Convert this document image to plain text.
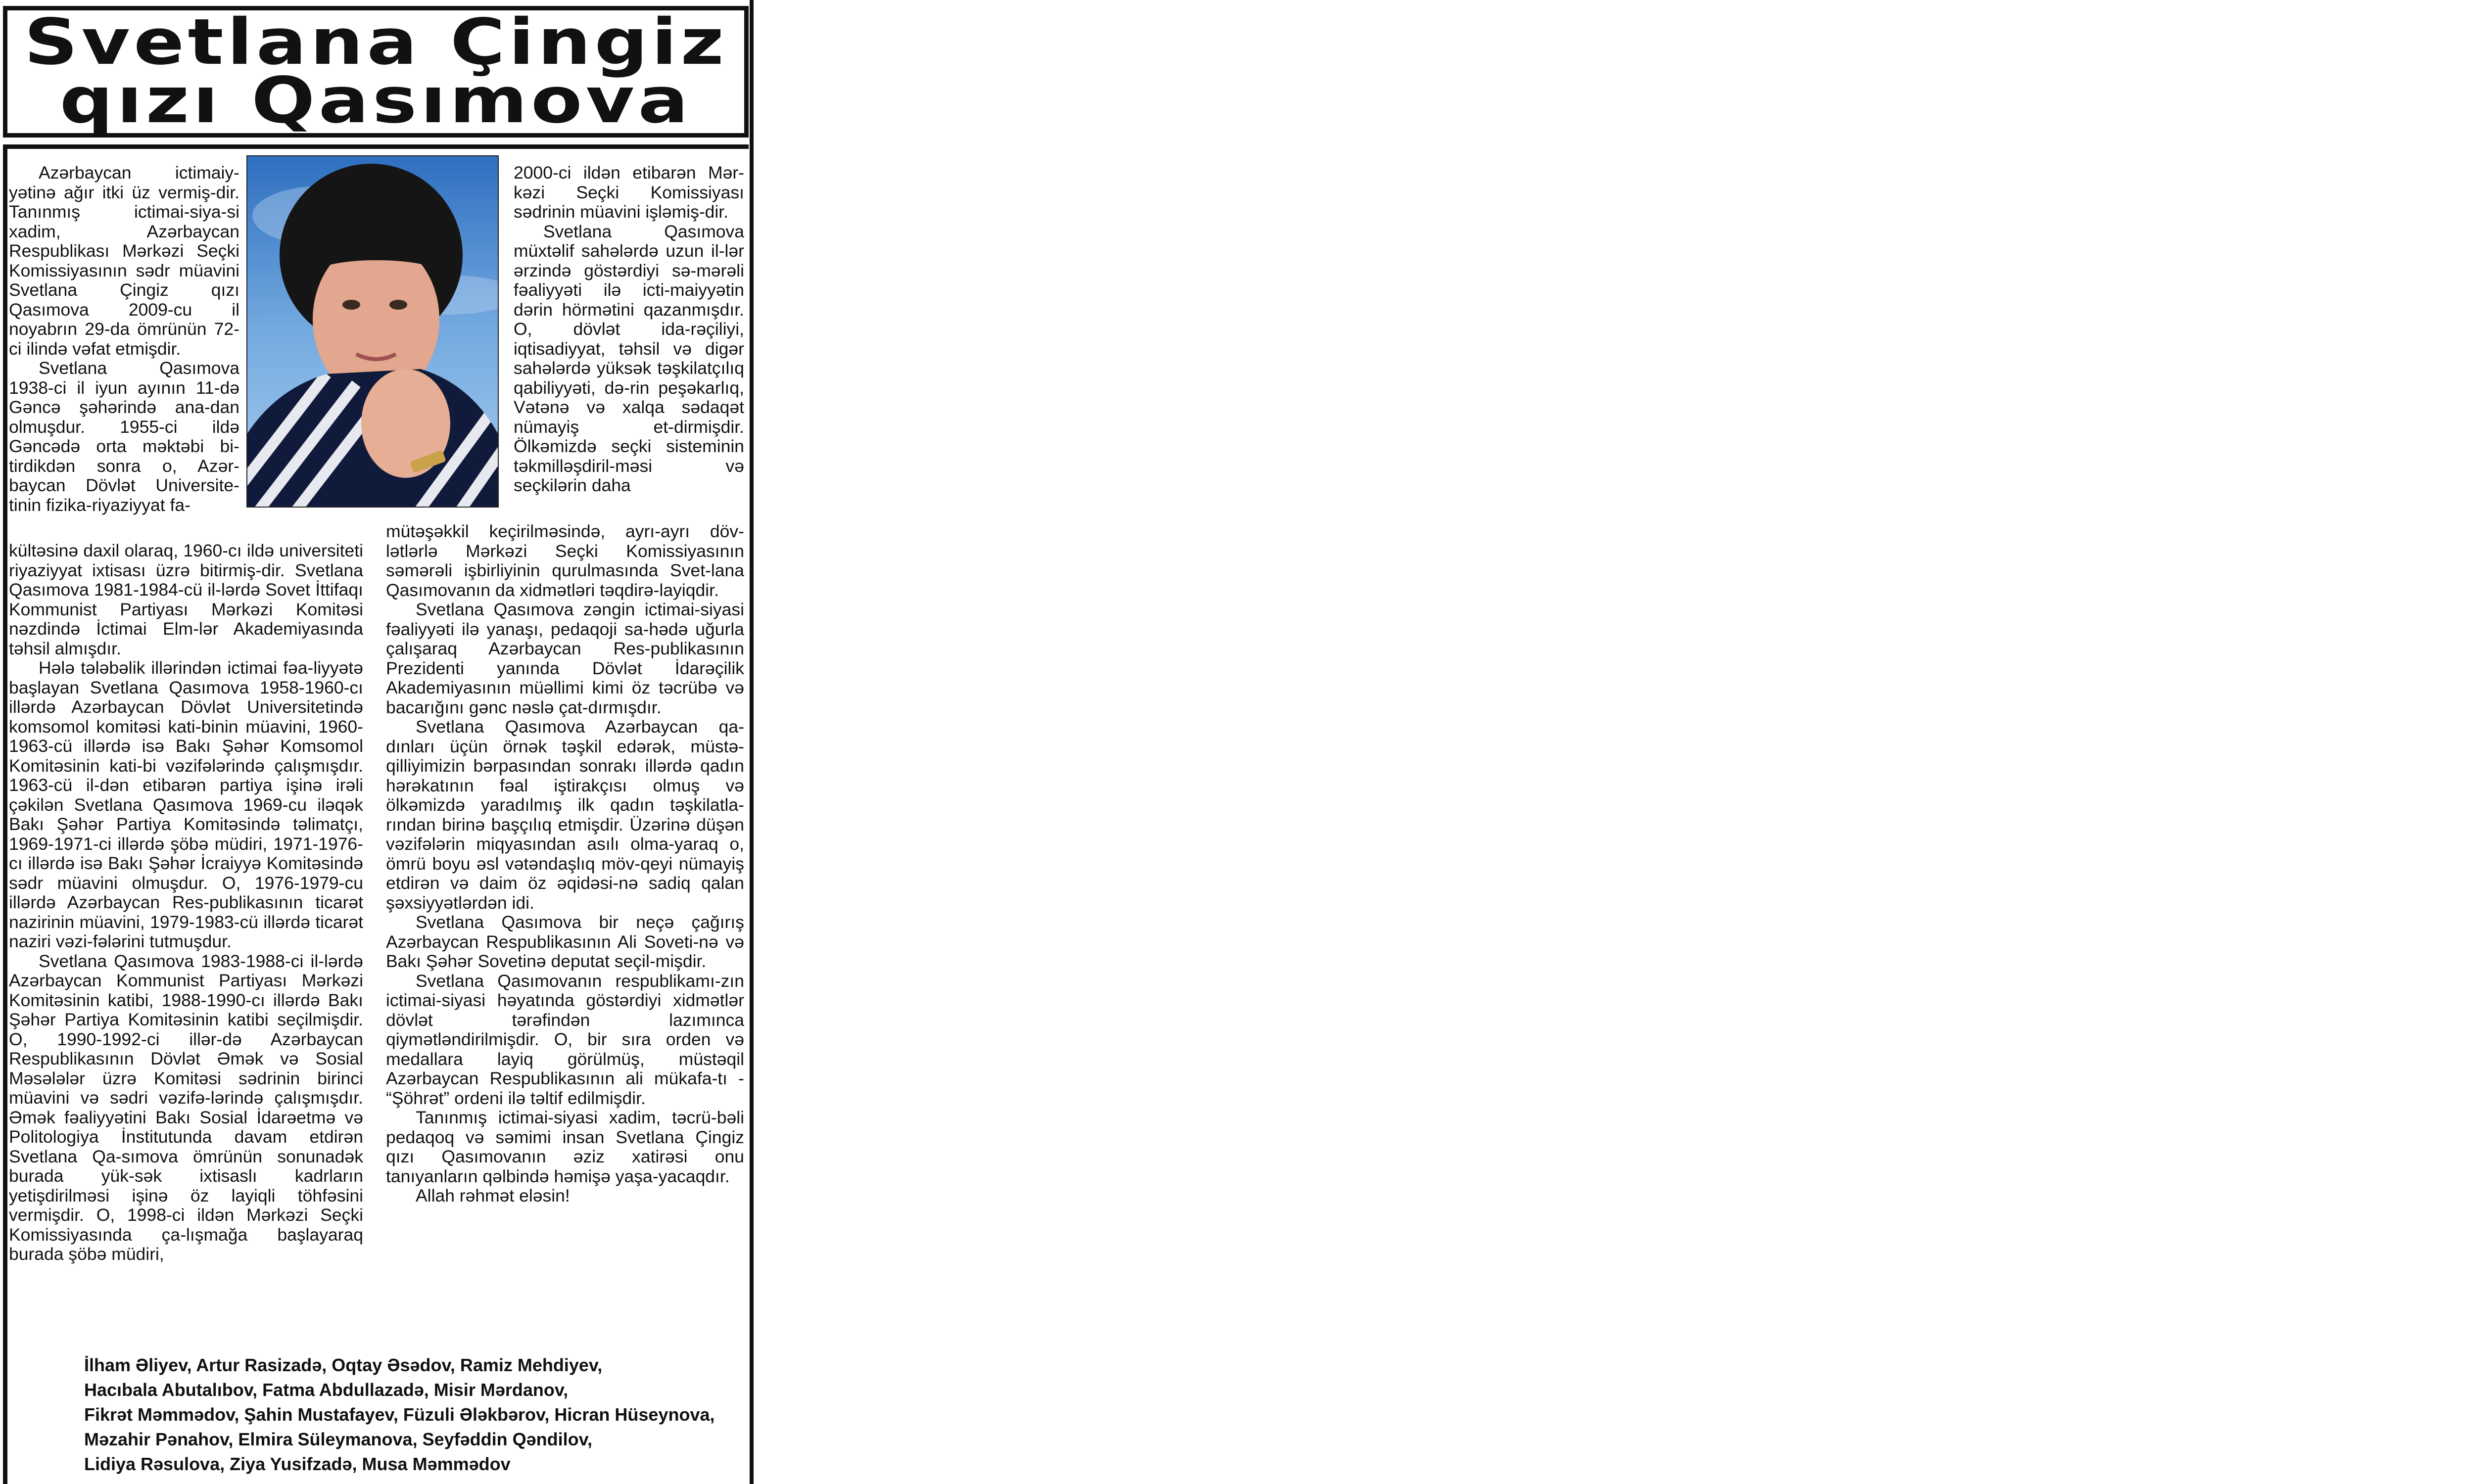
Svetlana Çingiz
qızı Qasımova

Azərbaycan ictimaiy-yətinə ağır itki üz vermiş-dir. Tanınmış ictimai-siya-si xadim, Azərbaycan Respublikası Mərkəzi Seçki Komissiyasının sədr müavini Svetlana Çingiz qızı Qasımova 2009-cu il noyabrın 29-da ömrünün 72-ci ilində vəfat etmişdir.

Svetlana Qasımova 1938-ci il iyun ayının 11-də Gəncə şəhərində ana-dan olmuşdur. 1955-ci ildə Gəncədə orta məktəbi bi-tirdikdən sonra o, Azər-baycan Dövlət Universite-tinin fizika-riyaziyyat fa-

kültəsinə daxil olaraq, 1960-cı ildə universiteti riyaziyyat ixtisası üzrə bitirmiş-dir. Svetlana Qasımova 1981-1984-cü il-lərdə Sovet İttifaqı Kommunist Partiyası Mərkəzi Komitəsi nəzdində İctimai Elm-lər Akademiyasında təhsil almışdır.

Hələ tələbəlik illərindən ictimai fəa-liyyətə başlayan Svetlana Qasımova 1958-1960-cı illərdə Azərbaycan Dövlət Universitetində komsomol komitəsi kati-binin müavini, 1960-1963-cü illərdə isə Bakı Şəhər Komsomol Komitəsinin kati-bi vəzifələrində çalışmışdır. 1963-cü il-dən etibarən partiya işinə irəli çəkilən Svetlana Qasımova 1969-cu iləqək Bakı Şəhər Partiya Komitəsində təlimatçı, 1969-1971-ci illərdə şöbə müdiri, 1971-1976-cı illərdə isə Bakı Şəhər İcraiyyə Komitəsində sədr müavini olmuşdur. O, 1976-1979-cu illərdə Azərbaycan Res-publikasının ticarət nazirinin müavini, 1979-1983-cü illərdə ticarət naziri vəzi-fələrini tutmuşdur.

Svetlana Qasımova 1983-1988-ci il-lərdə Azərbaycan Kommunist Partiyası Mərkəzi Komitəsinin katibi, 1988-1990-cı illərdə Bakı Şəhər Partiya Komitəsinin katibi seçilmişdir. O, 1990-1992-ci illər-də Azərbaycan Respublikasının Dövlət Əmək və Sosial Məsələlər üzrə Komitəsi sədrinin birinci müavini və sədri vəzifə-lərində çalışmışdır. Əmək fəaliyyətini Bakı Sosial İdarəetmə və Politologiya İnstitutunda davam etdirən Svetlana Qa-sımova ömrünün sonunadək burada yük-sək ixtisaslı kadrların yetişdirilməsi işinə öz layiqli töhfəsini vermişdir. O, 1998-ci ildən Mərkəzi Seçki Komissiyasında ça-lışmağa başlayaraq burada şöbə müdiri,

2000-ci ildən etibarən Mər-kəzi Seçki Komissiyası sədrinin müavini işləmiş-dir.

Svetlana Qasımova müxtəlif sahələrdə uzun il-lər ərzində göstərdiyi sə-mərəli fəaliyyəti ilə icti-maiyyətin dərin hörmətini qazanmışdır. O, dövlət ida-rəçiliyi, iqtisadiyyat, təhsil və digər sahələrdə yüksək təşkilatçılıq qabiliyyəti, də-rin peşəkarlıq, Vətənə və xalqa sədaqət nümayiş et-dirmişdir. Ölkəmizdə seçki sisteminin təkmilləşdiril-məsi və seçkilərin daha

mütəşəkkil keçirilməsində, ayrı-ayrı döv-lətlərlə Mərkəzi Seçki Komissiyasının səmərəli işbirliyinin qurulmasında Svet-lana Qasımovanın da xidmətləri təqdirə-layiqdir.

Svetlana Qasımova zəngin ictimai-siyasi fəaliyyəti ilə yanaşı, pedaqoji sa-hədə uğurla çalışaraq Azərbaycan Res-publikasının Prezidenti yanında Dövlət İdarəçilik Akademiyasının müəllimi kimi öz təcrübə və bacarığını gənc nəslə çat-dırmışdır.

Svetlana Qasımova Azərbaycan qa-dınları üçün örnək təşkil edərək, müstə-qilliyimizin bərpasından sonrakı illərdə qadın hərəkatının fəal iştirakçısı olmuş və ölkəmizdə yaradılmış ilk qadın təşkilatla-rından birinə başçılıq etmişdir. Üzərinə düşən vəzifələrin miqyasından asılı olma-yaraq o, ömrü boyu əsl vətəndaşlıq möv-qeyi nümayiş etdirən və daim öz əqidəsi-nə sadiq qalan şəxsiyyətlərdən idi.

Svetlana Qasımova bir neçə çağırış Azərbaycan Respublikasının Ali Soveti-nə və Bakı Şəhər Sovetinə deputat seçil-mişdir.

Svetlana Qasımovanın respublikamı-zın ictimai-siyasi həyatında göstərdiyi xidmətlər dövlət tərəfindən lazımınca qiymətləndirilmişdir. O, bir sıra orden və medallara layiq görülmüş, müstəqil Azərbaycan Respublikasının ali mükafa-tı - “Şöhrət” ordeni ilə təltif edilmişdir.

Tanınmış ictimai-siyasi xadim, təcrü-bəli pedaqoq və səmimi insan Svetlana Çingiz qızı Qasımovanın əziz xatirəsi onu tanıyanların qəlbində həmişə yaşa-yacaqdır.

Allah rəhmət eləsin!

İlham Əliyev, Artur Rasizadə, Oqtay Əsədov, Ramiz Mehdiyev,
Hacıbala Abutalıbov, Fatma Abdullazadə, Misir Mərdanov,
Fikrət Məmmədov, Şahin Mustafayev, Füzuli Ələkbərov, Hicran Hüseynova,
Məzahir Pənahov, Elmira Süleymanova, Seyfəddin Qəndilov,
Lidiya Rəsulova, Ziya Yusifzadə, Musa Məmmədov
